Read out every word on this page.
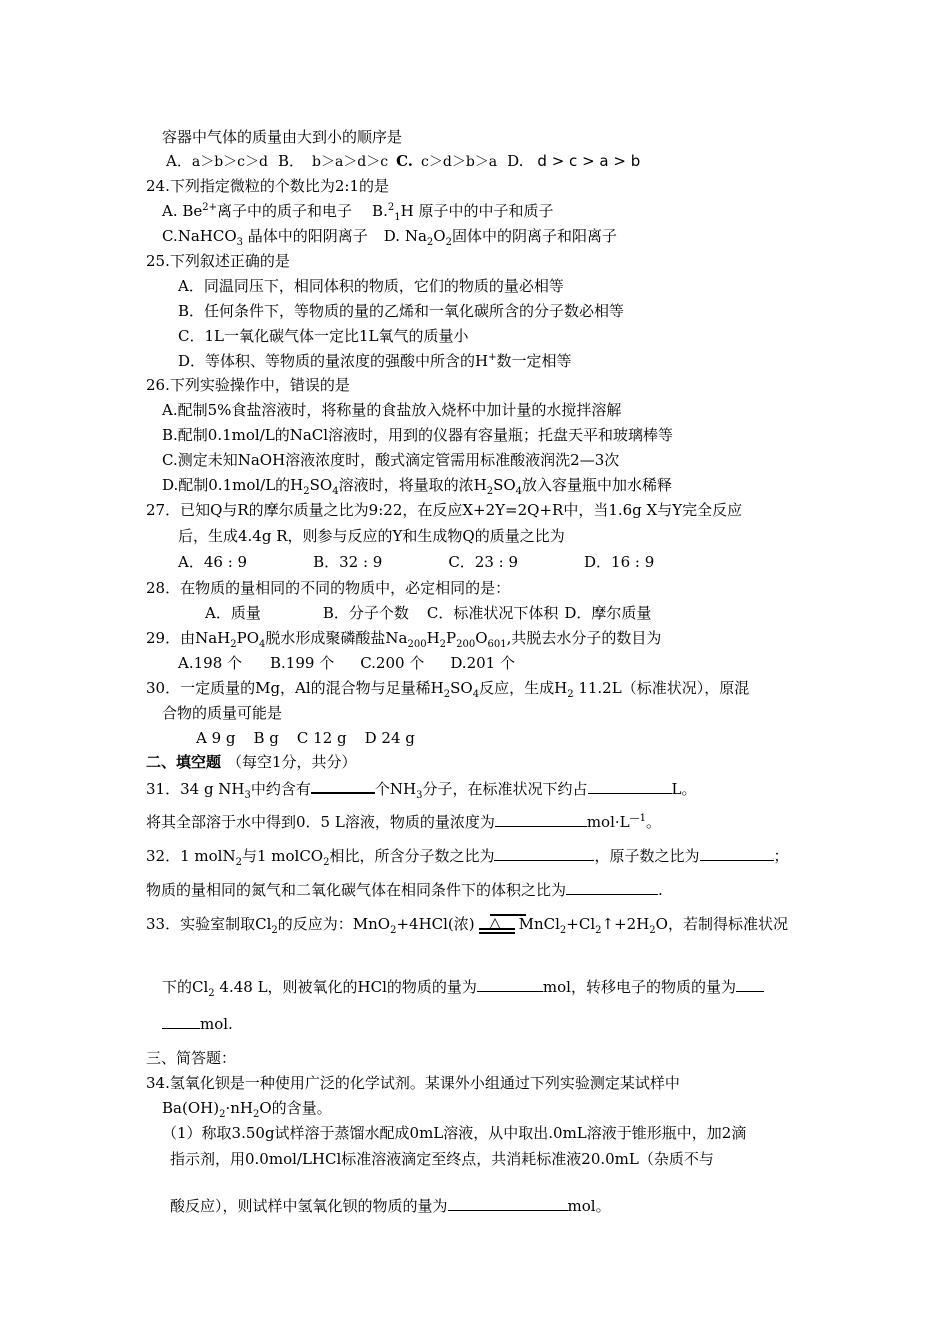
容器中气体的质量由大到小的顺序是
A．a＞b＞c＞d B． b＞a＞d＞c C. c＞d＞b＞a D. d > c > a > b
24.下列指定微粒的个数比为2:1的是
A. $Be^{2+}$离子中的质子和电子 B.$^2_1$H 原子中的中子和质子
C.NaHCO$_3$ 晶体中的阳阴离子 D. $Na_2O_2$固体中的阴离子和阳离子
25.下列叙述正确的是
A．同温同压下，相同体积的物质，它们的物质的量必相等
B．任何条件下，等物质的量的乙烯和一氧化碳所含的分子数必相等
C．1L一氧化碳气体一定比1L氧气的质量小
D．等体积、等物质的量浓度的强酸中所含的H+数一定相等
26.下列实验操作中，错误的是
A.配制5%食盐溶液时，将称量的食盐放入烧杯中加计量的水搅拌溶解
B.配制0.1mol/L的NaCl溶液时，用到的仪器有容量瓶；托盘天平和玻璃棒等
C.测定未知NaOH溶液浓度时，酸式滴定管需用标准酸液润洗2—3次
D.配制0.1mol/L的$H_2SO_4$溶液时，将量取的浓$H_2SO_4$放入容量瓶中加水稀释
27．已知Q与R的摩尔质量之比为9:22，在反应X+2Y=2Q+R中，当1.6g X与Y完全反应
后，生成4.4g R，则参与反应的Y和生成物Q的质量之比为
A．46 : 9	B．32 : 9	C．23 : 9	D．16 : 9
28．在物质的量相同的不同的物质中，必定相同的是：
A．质量	B．分子个数 C．标准状况下体积 D．摩尔质量
29．由$NaH_2PO_4$脱水形成聚磷酸盐$Na_{200}H_2P_{200}O_{601}$,共脱去水分子的数目为
A.198 个 B.199 个 C.200 个 D.201 个
30．一定质量的Mg，Al的混合物与足量稀$H_2SO_4$反应，生成$H_2$ 11.2L（标准状况），原混
合物的质量可能是
A 9 g B g C 12 g D 24 g
二、填空题 （每空1分，共分）
31．34 g $NH_3$中约含有	个$NH_3$分子，在标准状况下约占	L。
将其全部溶于水中得到0．5 L溶液，物质的量浓度为	$mol\cdot L^{—1}$。
32．1 molN$_2$与1 molCO$_2$相比，所含分子数之比为	，原子数之比为	；
物质的量相同的氮气和二氧化碳气体在相同条件下的体积之比为	.
33．实验室制取$Cl_2$的反应为：MnO$_2$+4HCl(浓) △	$MnCl_2+Cl_2↑+2H_2O$，若制得标准状况
下的$Cl_2$ 4.48 L，则被氧化的HCl的物质的量为	mol，转移电子的物质的量为
mol.
三、简答题：
34.氢氧化钡是一种使用广泛的化学试剂。某课外小组通过下列实验测定某试样中
$Ba(OH)_2\cdot nH_2O$的含量。
（1）称取3.50g试样溶于蒸馏水配成0mL溶液，从中取出.0mL溶液于锥形瓶中，加2滴
指示剂，用0.0mol/LHCl标准溶液滴定至终点，共消耗标准液20.0mL（杂质不与
酸反应），则试样中氢氧化钡的物质的量为	mol。
